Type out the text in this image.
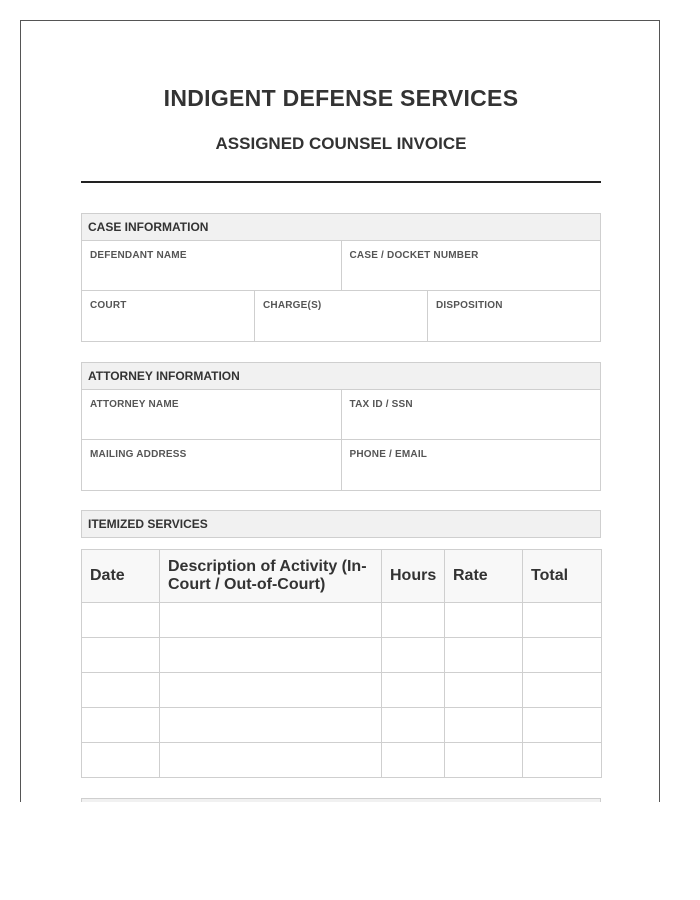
INDIGENT DEFENSE SERVICES
ASSIGNED COUNSEL INVOICE
CASE INFORMATION
DEFENDANT NAME	CASE / DOCKET NUMBER
COURT	CHARGE(S)	DISPOSITION
ATTORNEY INFORMATION
ATTORNEY NAME	TAX ID / SSN
MAILING ADDRESS	PHONE / EMAIL
ITEMIZED SERVICES
Date	Description of Activity (In-Court / Out-of-Court)	Hours	Rate	Total
